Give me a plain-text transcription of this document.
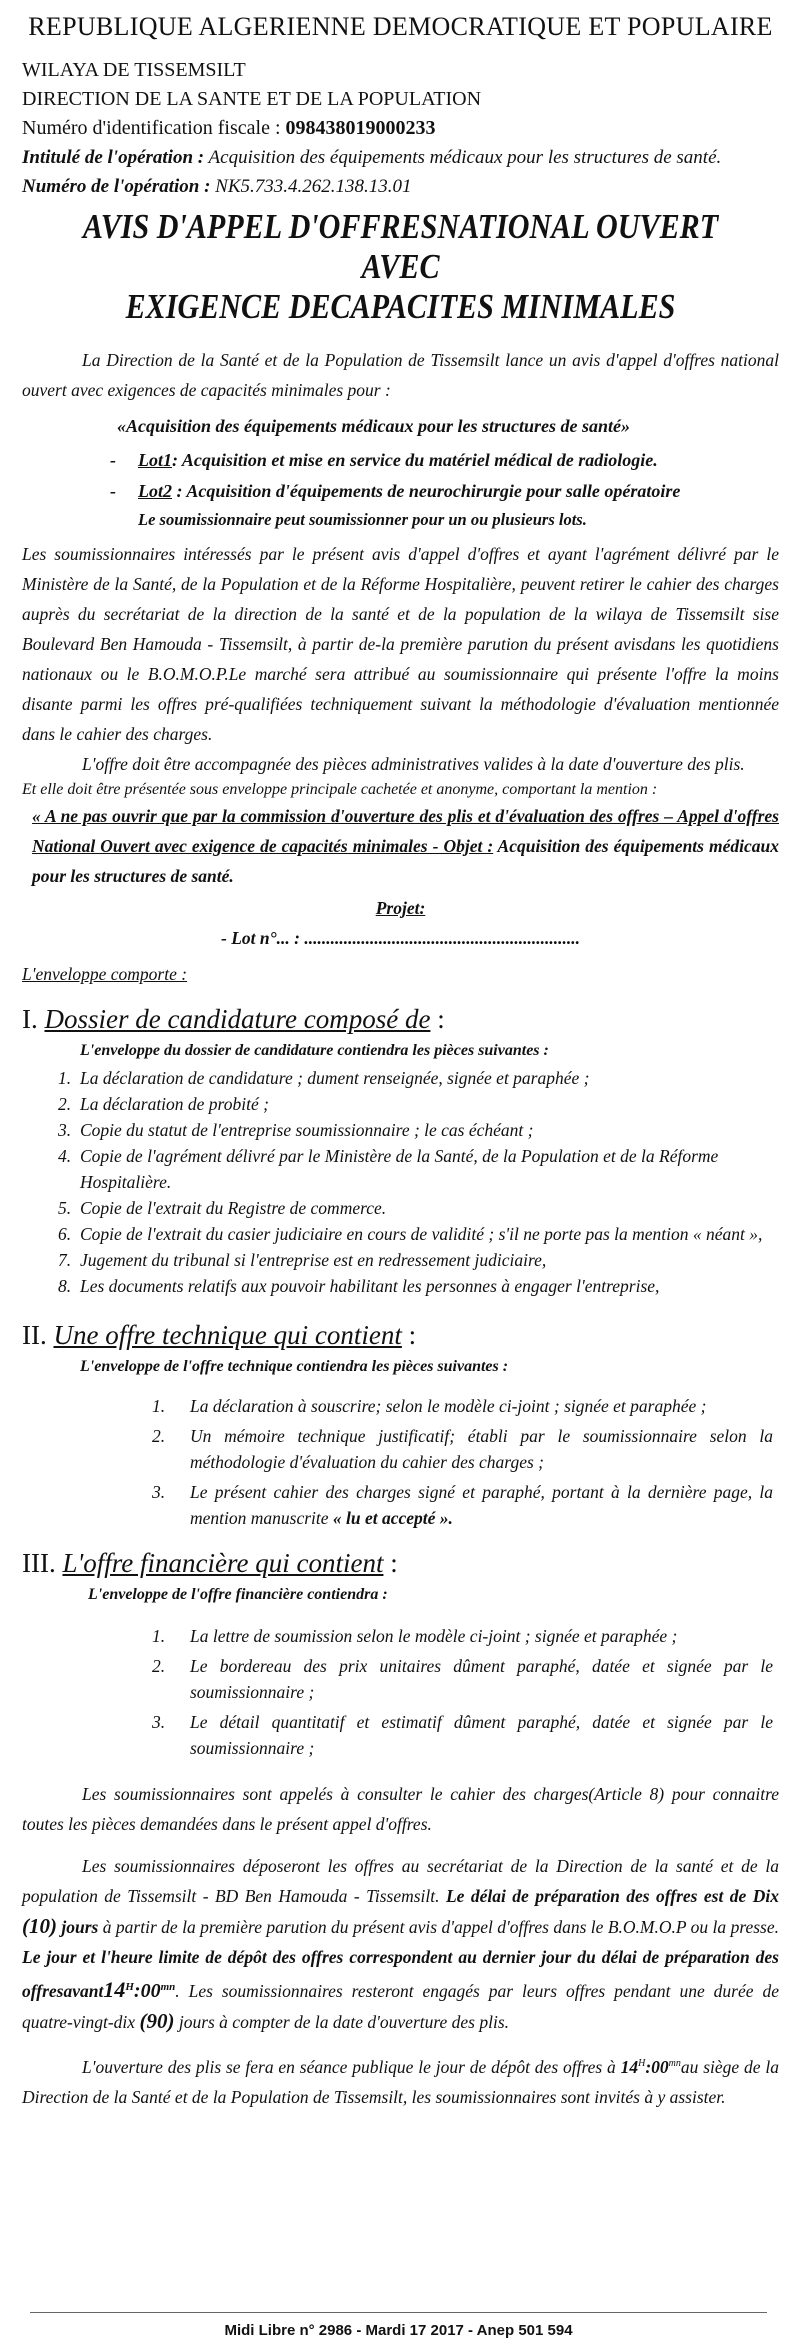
REPUBLIQUE ALGERIENNE DEMOCRATIQUE ET POPULAIRE
WILAYA DE TISSEMSILT
DIRECTION DE LA SANTE ET DE LA POPULATION
Numéro d'identification fiscale : 098438019000233
Intitulé de l'opération : Acquisition des équipements médicaux pour les structures de santé.
Numéro de l'opération : NK5.733.4.262.138.13.01
AVIS D'APPEL D'OFFRESNATIONAL OUVERT AVEC
EXIGENCE DECAPACITES MINIMALES
La Direction de la Santé et de la Population de Tissemsilt lance un avis d'appel d'offres national ouvert avec exigences de capacités minimales pour :
«Acquisition des équipements médicaux pour les structures de santé»
- Lot1: Acquisition et mise en service du matériel médical de radiologie.
- Lot2 : Acquisition d'équipements de neurochirurgie pour salle opératoire
Le soumissionnaire peut soumissionner pour un ou plusieurs lots.
Les soumissionnaires intéressés par le présent avis d'appel d'offres et ayant l'agrément délivré par le Ministère de la Santé, de la Population et de la Réforme Hospitalière, peuvent retirer le cahier des charges auprès du secrétariat de la direction de la santé et de la population de la wilaya de Tissemsilt sise Boulevard Ben Hamouda - Tissemsilt, à partir de-la première parution du présent avisdans les quotidiens nationaux ou le B.O.M.O.P.Le marché sera attribué au soumissionnaire qui présente l'offre la moins disante parmi les offres pré-qualifiées techniquement suivant la méthodologie d'évaluation mentionnée dans le cahier des charges.
L'offre doit être accompagnée des pièces administratives valides à la date d'ouverture des plis.
Et elle doit être présentée sous enveloppe principale cachetée et anonyme, comportant la mention :
« A ne pas ouvrir que par la commission d'ouverture des plis et d'évaluation des offres – Appel d'offres National Ouvert avec exigence de capacités minimales - Objet : Acquisition des équipements médicaux pour les structures de santé.
Projet:
- Lot n°... : ...............................................................
L'enveloppe comporte :
I. Dossier de candidature composé de :
L'enveloppe du dossier de candidature contiendra les pièces suivantes :
1. La déclaration de candidature ; dument renseignée, signée et paraphée ;
2. La déclaration de probité ;
3. Copie du statut de l'entreprise soumissionnaire ; le cas échéant ;
4. Copie de l'agrément délivré par le Ministère de la Santé, de la Population et de la Réforme Hospitalière.
5. Copie de l'extrait du Registre de commerce.
6. Copie de l'extrait du casier judiciaire en cours de validité ; s'il ne porte pas la mention « néant »,
7. Jugement du tribunal si l'entreprise est en redressement judiciaire,
8. Les documents relatifs aux pouvoir habilitant les personnes à engager l'entreprise,
II. Une offre technique qui contient :
L'enveloppe de l'offre technique contiendra les pièces suivantes :
1. La déclaration à souscrire; selon le modèle ci-joint ; signée et paraphée ;
2. Un mémoire technique justificatif; établi par le soumissionnaire selon la méthodologie d'évaluation du cahier des charges ;
3. Le présent cahier des charges signé et paraphé, portant à la dernière page, la mention manuscrite « lu et accepté ».
III. L'offre financière qui contient :
L'enveloppe de l'offre financière contiendra :
1. La lettre de soumission selon le modèle ci-joint ; signée et paraphée ;
2. Le bordereau des prix unitaires dûment paraphé, datée et signée par le soumissionnaire ;
3. Le détail quantitatif et estimatif dûment paraphé, datée et signée par le soumissionnaire ;
Les soumissionnaires sont appelés à consulter le cahier des charges(Article 8) pour connaitre toutes les pièces demandées dans le présent appel d'offres.
Les soumissionnaires déposeront les offres au secrétariat de la Direction de la santé et de la population de Tissemsilt - BD Ben Hamouda - Tissemsilt. Le délai de préparation des offres est de Dix (10) jours à partir de la première parution du présent avis d'appel d'offres dans le B.O.M.O.P ou la presse. Le jour et l'heure limite de dépôt des offres correspondent au dernier jour du délai de préparation des $offresavant14^H:00^{mn}$. Les soumissionnaires resteront engagés par leurs offres pendant une durée de quatre-vingt-dix (90) jours à compter de la date d'ouverture des plis.
L'ouverture des plis se fera en séance publique le jour de dépôt des offres à $14^H:00^{mn}au$ siège de la Direction de la Santé et de la Population de Tissemsilt, les soumissionnaires sont invités à y assister.
Midi Libre n° 2986 - Mardi 17 2017 - Anep 501 594
